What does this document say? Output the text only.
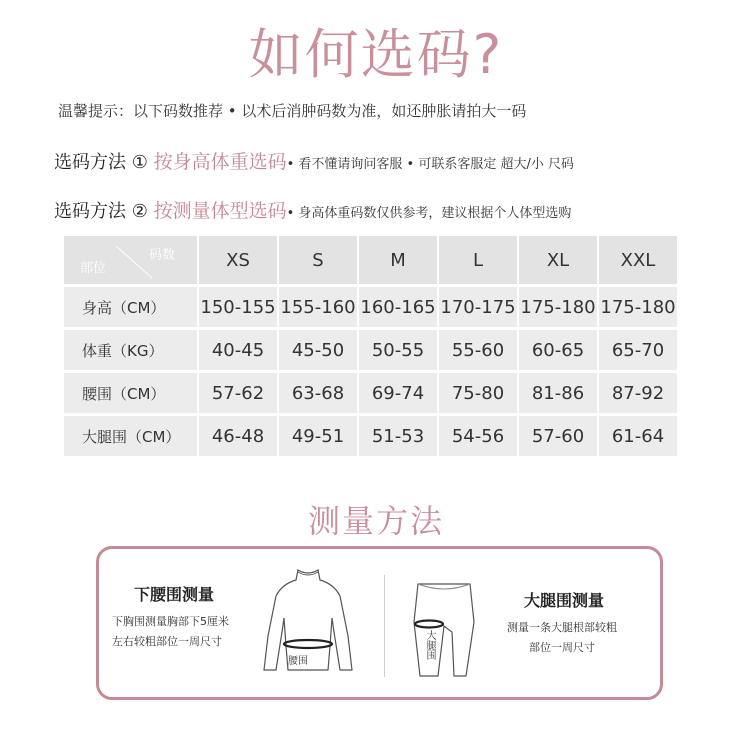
如何选码?
温馨提示：以下码数推荐 • 以术后消肿码数为准，如还肿胀请拍大一码
选码方法 ① 按身高体重选码• 看不懂请询问客服 • 可联系客服定 超大/小 尺码
选码方法 ② 按测量体型选码• 身高体重码数仅供参考，建议根据个人体型选购
码数
部位	XS	S	M	L	XL	XXL
身高（CM）	150-155	155-160	160-165	170-175	175-180	175-180
体重（KG）	40-45	45-50	50-55	55-60	60-65	65-70
腰围（CM）	57-62	63-68	69-74	75-80	81-86	87-92
大腿围（CM）	46-48	49-51	51-53	54-56	57-60	61-64
测量方法
下腰围测量
下胸围测量胸部下5厘米
左右较粗部位一周尺寸
腰围
大腿围
大腿围测量
测量一条大腿根部较粗
部位一周尺寸
